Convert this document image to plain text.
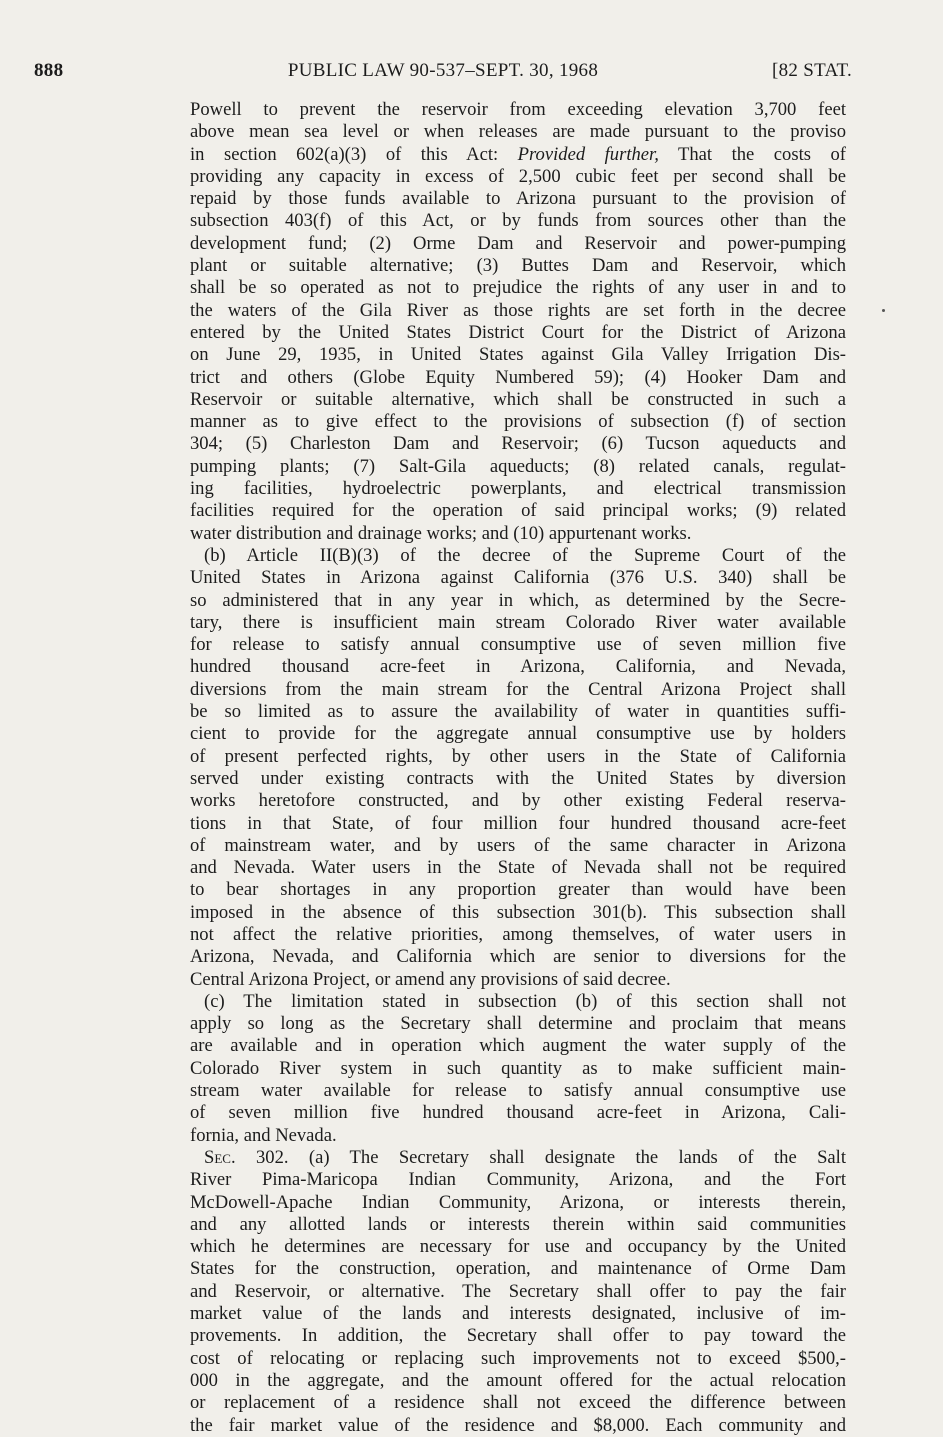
888	PUBLIC LAW 90-537–SEPT. 30, 1968	[82 STAT.
Powell to prevent the reservoir from exceeding elevation 3,700 feet
above mean sea level or when releases are made pursuant to the proviso
in section 602(a)(3) of this Act: Provided further, That the costs of
providing any capacity in excess of 2,500 cubic feet per second shall be
repaid by those funds available to Arizona pursuant to the provision of
subsection 403(f) of this Act, or by funds from sources other than the
development fund; (2) Orme Dam and Reservoir and power-pumping
plant or suitable alternative; (3) Buttes Dam and Reservoir, which
shall be so operated as not to prejudice the rights of any user in and to
the waters of the Gila River as those rights are set forth in the decree
entered by the United States District Court for the District of Arizona
on June 29, 1935, in United States against Gila Valley Irrigation Dis-
trict and others (Globe Equity Numbered 59); (4) Hooker Dam and
Reservoir or suitable alternative, which shall be constructed in such a
manner as to give effect to the provisions of subsection (f) of section
304; (5) Charleston Dam and Reservoir; (6) Tucson aqueducts and
pumping plants; (7) Salt-Gila aqueducts; (8) related canals, regulat-
ing facilities, hydroelectric powerplants, and electrical transmission
facilities required for the operation of said principal works; (9) related
water distribution and drainage works; and (10) appurtenant works.
(b) Article II(B)(3) of the decree of the Supreme Court of the
United States in Arizona against California (376 U.S. 340) shall be
so administered that in any year in which, as determined by the Secre-
tary, there is insufficient main stream Colorado River water available
for release to satisfy annual consumptive use of seven million five
hundred thousand acre-feet in Arizona, California, and Nevada,
diversions from the main stream for the Central Arizona Project shall
be so limited as to assure the availability of water in quantities suffi-
cient to provide for the aggregate annual consumptive use by holders
of present perfected rights, by other users in the State of California
served under existing contracts with the United States by diversion
works heretofore constructed, and by other existing Federal reserva-
tions in that State, of four million four hundred thousand acre-feet
of mainstream water, and by users of the same character in Arizona
and Nevada. Water users in the State of Nevada shall not be required
to bear shortages in any proportion greater than would have been
imposed in the absence of this subsection 301(b). This subsection shall
not affect the relative priorities, among themselves, of water users in
Arizona, Nevada, and California which are senior to diversions for the
Central Arizona Project, or amend any provisions of said decree.
(c) The limitation stated in subsection (b) of this section shall not
apply so long as the Secretary shall determine and proclaim that means
are available and in operation which augment the water supply of the
Colorado River system in such quantity as to make sufficient main-
stream water available for release to satisfy annual consumptive use
of seven million five hundred thousand acre-feet in Arizona, Cali-
fornia, and Nevada.
Sec. 302. (a) The Secretary shall designate the lands of the Salt
River Pima-Maricopa Indian Community, Arizona, and the Fort
McDowell-Apache Indian Community, Arizona, or interests therein,
and any allotted lands or interests therein within said communities
which he determines are necessary for use and occupancy by the United
States for the construction, operation, and maintenance of Orme Dam
and Reservoir, or alternative. The Secretary shall offer to pay the fair
market value of the lands and interests designated, inclusive of im-
provements. In addition, the Secretary shall offer to pay toward the
cost of relocating or replacing such improvements not to exceed $500,-
000 in the aggregate, and the amount offered for the actual relocation
or replacement of a residence shall not exceed the difference between
the fair market value of the residence and $8,000. Each community and
